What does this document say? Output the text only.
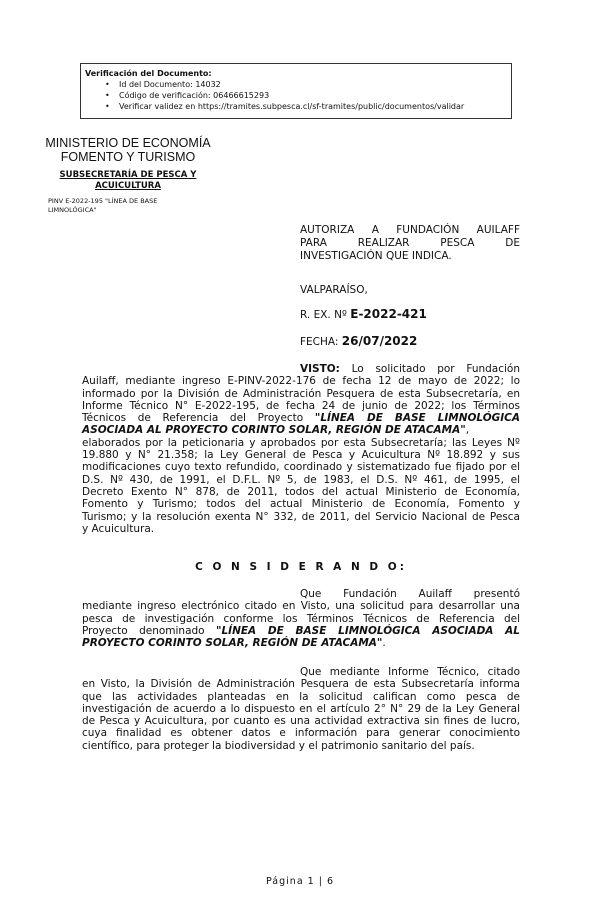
Verificación del Documento:
• Id del Documento: 14032
• Código de verificación: 06466615293
• Verificar validez en https://tramites.subpesca.cl/sf-tramites/public/documentos/validar
MINISTERIO DE ECONOMÍA
FOMENTO Y TURISMO
SUBSECRETARÍA DE PESCA Y
ACUICULTURA
PINV E-2022-195 "LÍNEA DE BASE
LIMNOLÓGICA"
AUTORIZA A FUNDACIÓN AUILAFF
PARA REALIZAR PESCA DE
INVESTIGACIÓN QUE INDICA.
VALPARAÍSO,
R. EX. Nº E-2022-421
FECHA: 26/07/2022
VISTO: Lo solicitado por Fundación
Auilaff, mediante ingreso E-PINV-2022-176 de fecha 12 de mayo de 2022; lo
informado por la División de Administración Pesquera de esta Subsecretaría, en
Informe Técnico N° E-2022-195, de fecha 24 de junio de 2022; los Términos
Técnicos de Referencia del Proyecto "LÍNEA DE BASE LIMNOLÓGICA
ASOCIADA AL PROYECTO CORINTO SOLAR, REGIÓN DE ATACAMA",
elaborados por la peticionaria y aprobados por esta Subsecretaría; las Leyes Nº
19.880 y N° 21.358; la Ley General de Pesca y Acuicultura Nº 18.892 y sus
modificaciones cuyo texto refundido, coordinado y sistematizado fue fijado por el
D.S. Nº 430, de 1991, el D.F.L. Nº 5, de 1983, el D.S. Nº 461, de 1995, el
Decreto Exento N° 878, de 2011, todos del actual Ministerio de Economía,
Fomento y Turismo; todos del actual Ministerio de Economía, Fomento y
Turismo; y la resolución exenta N° 332, de 2011, del Servicio Nacional de Pesca
y Acuicultura.
C O N S I D E R A N D O:
Que Fundación Auilaff presentó
mediante ingreso electrónico citado en Visto, una solicitud para desarrollar una
pesca de investigación conforme los Términos Técnicos de Referencia del
Proyecto denominado "LÍNEA DE BASE LIMNOLÓGICA ASOCIADA AL
PROYECTO CORINTO SOLAR, REGIÓN DE ATACAMA".
Que mediante Informe Técnico, citado
en Visto, la División de Administración Pesquera de esta Subsecretaría informa
que las actividades planteadas en la solicitud califican como pesca de
investigación de acuerdo a lo dispuesto en el artículo 2° N° 29 de la Ley General
de Pesca y Acuicultura, por cuanto es una actividad extractiva sin fines de lucro,
cuya finalidad es obtener datos e información para generar conocimiento
científico, para proteger la biodiversidad y el patrimonio sanitario del país.
Página 1 | 6
